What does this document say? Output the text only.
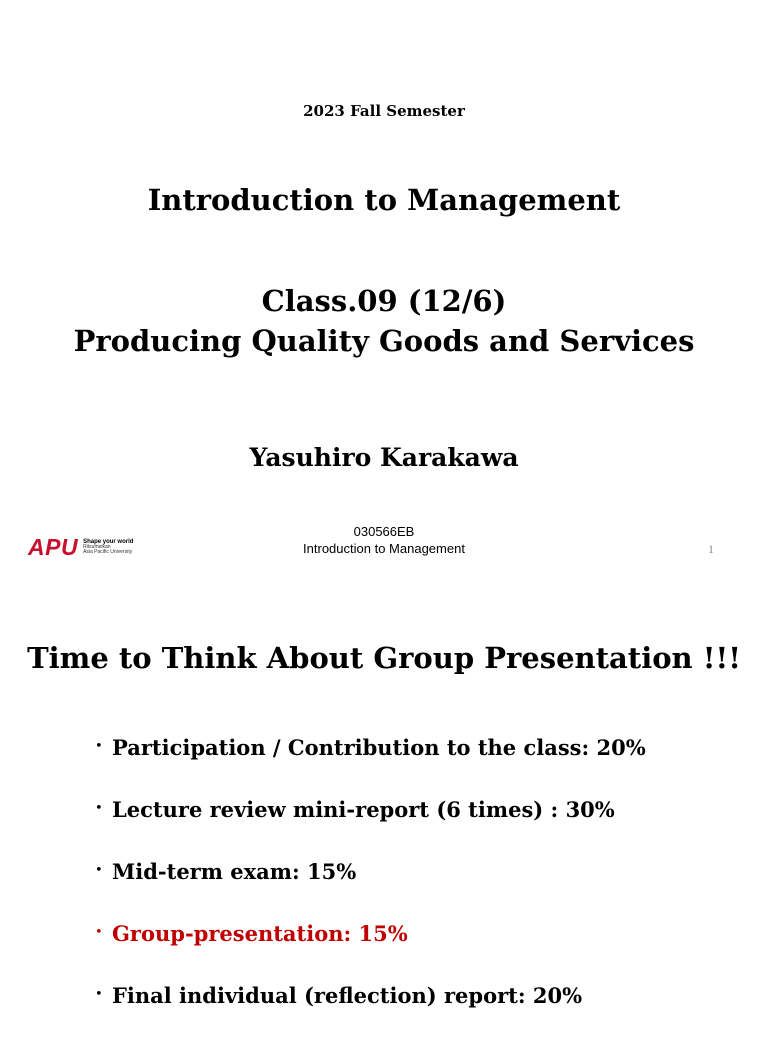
2023 Fall Semester
Introduction to Management
Class.09 (12/6)
Producing Quality Goods and Services
Yasuhiro Karakawa
APU Shape your world
Ritsumeikan
Asia Pacific University
030566EB
Introduction to Management	1
Time to Think About Group Presentation !!!
• Participation / Contribution to the class: 20%
• Lecture review mini-report (6 times) : 30%
• Mid-term exam: 15%
• Group-presentation: 15%
• Final individual (reflection) report: 20%
